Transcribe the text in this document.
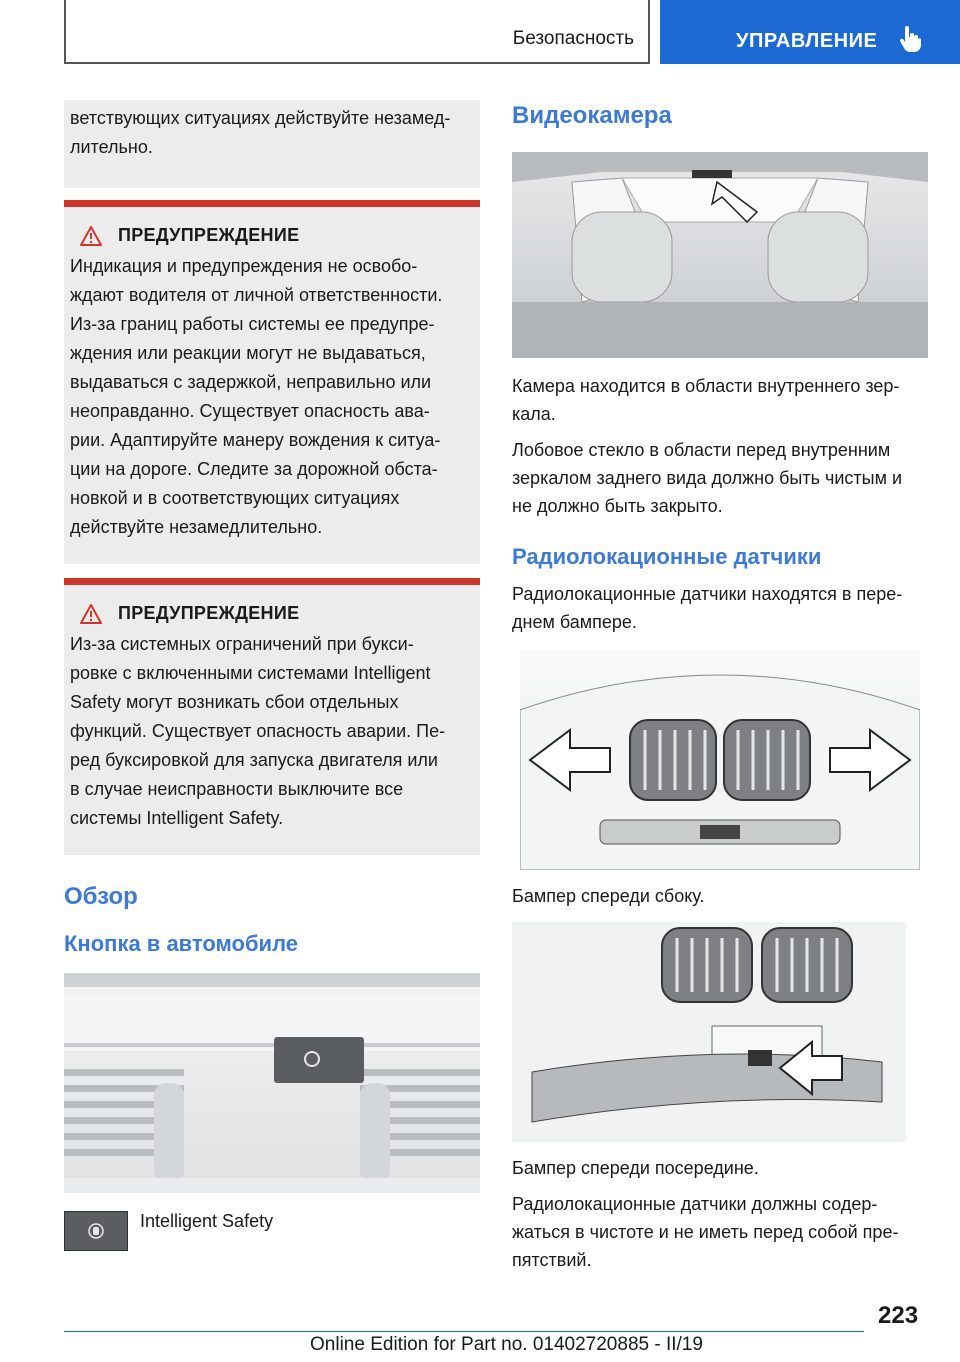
Безопасность	УПРАВЛЕНИЕ
ветствующих ситуациях действуйте незамед-
лительно.
ПРЕДУПРЕЖДЕНИЕ
Индикация и предупреждения не освобо-
ждают водителя от личной ответственности.
Из-за границ работы системы ее предупре-
ждения или реакции могут не выдаваться,
выдаваться с задержкой, неправильно или
неоправданно. Существует опасность ава-
рии. Адаптируйте манеру вождения к ситуа-
ции на дороге. Следите за дорожной обста-
новкой и в соответствующих ситуациях
действуйте незамедлительно.
ПРЕДУПРЕЖДЕНИЕ
Из-за системных ограничений при букси-
ровке с включенными системами Intelligent
Safety могут возникать сбои отдельных
функций. Существует опасность аварии. Пе-
ред буксировкой для запуска двигателя или
в случае неисправности выключите все
системы Intelligent Safety.
Обзор
Кнопка в автомобиле
Intelligent Safety
Видеокамера
Камера находится в области внутреннего зер-
кала.
Лобовое стекло в области перед внутренним
зеркалом заднего вида должно быть чистым и
не должно быть закрыто.
Радиолокационные датчики
Радиолокационные датчики находятся в пере-
днем бампере.
Бампер спереди сбоку.
Бампер спереди посередине.
Радиолокационные датчики должны содер-
жаться в чистоте и не иметь перед собой пре-
пятствий.
223
Online Edition for Part no. 01402720885 - II/19
